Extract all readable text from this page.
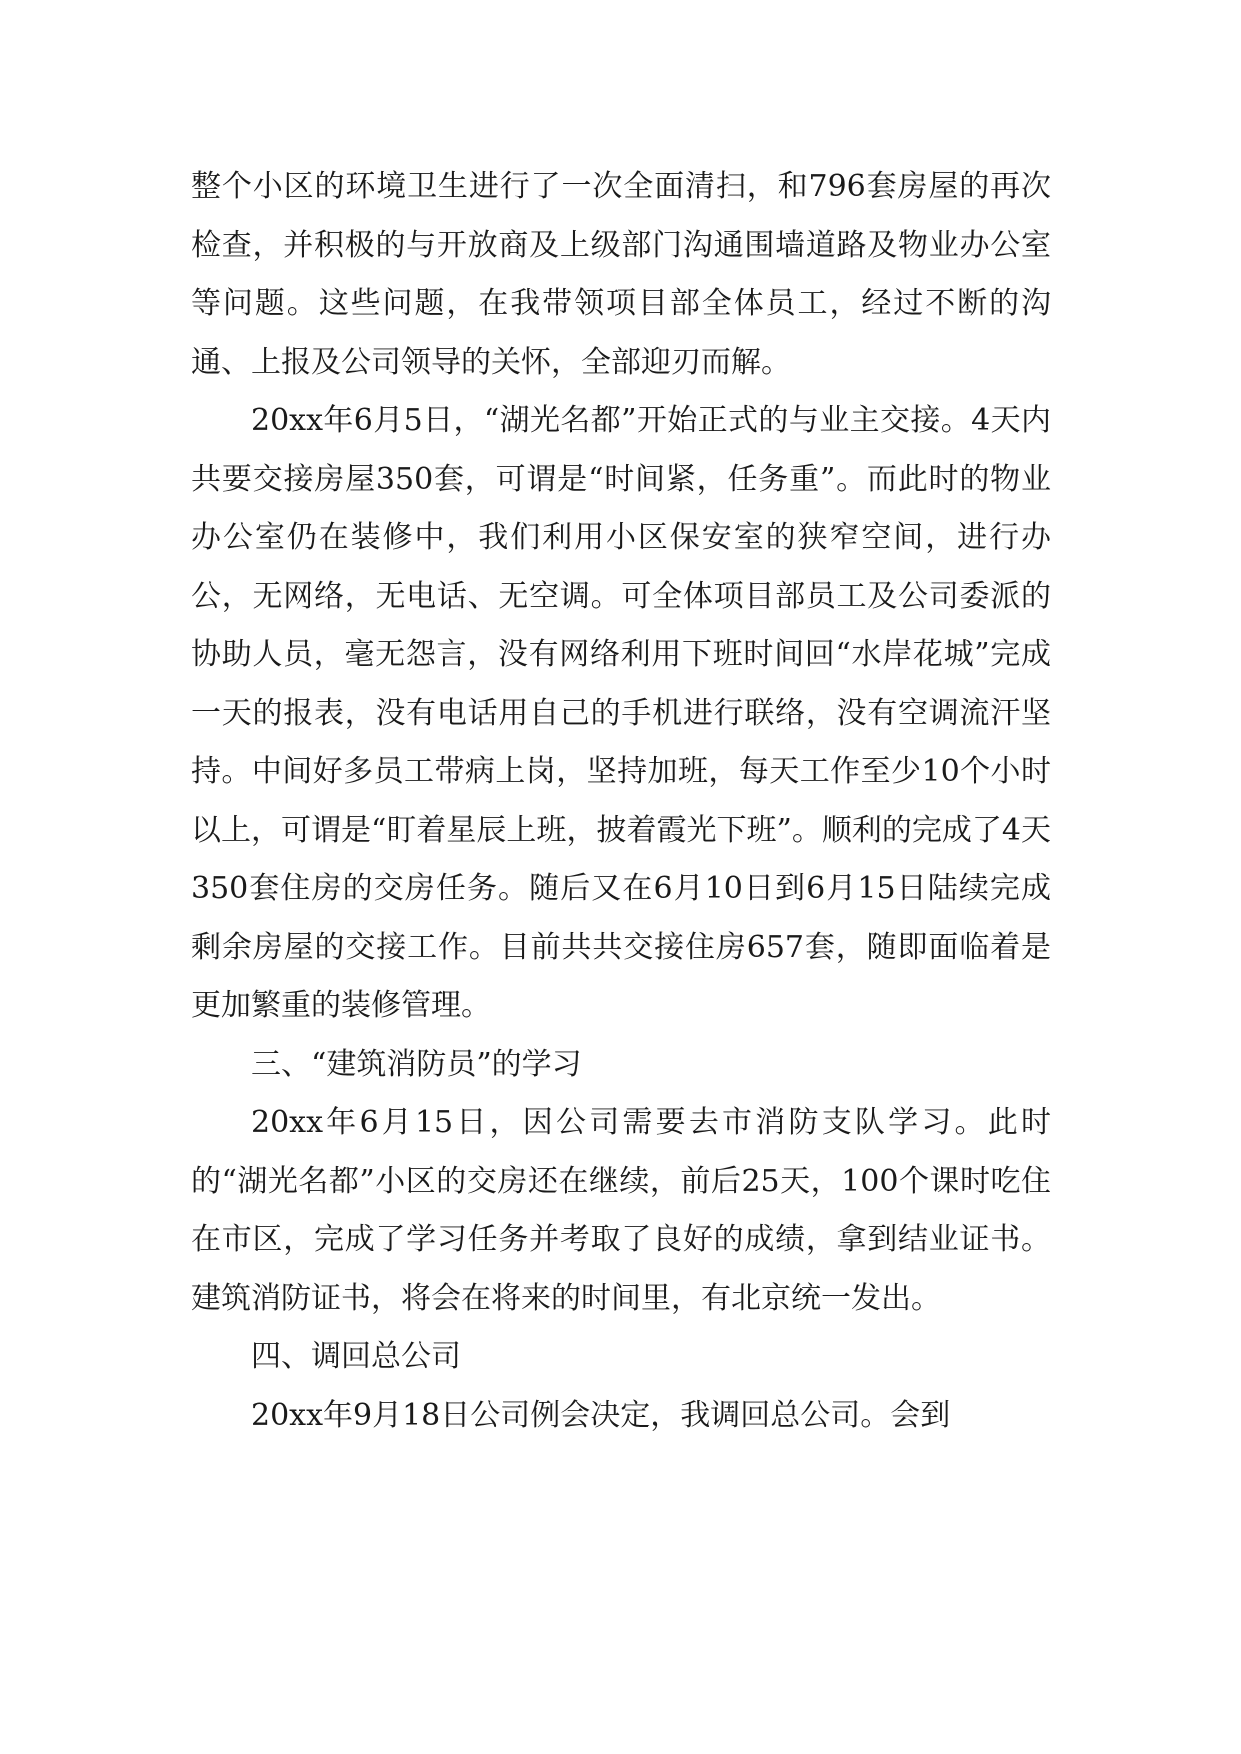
整个小区的环境卫生进行了一次全面清扫，和796套房屋的再次检查，并积极的与开放商及上级部门沟通围墙道路及物业办公室等问题。这些问题，在我带领项目部全体员工，经过不断的沟通、上报及公司领导的关怀，全部迎刃而解。

20xx年6月5日，“湖光名都”开始正式的与业主交接。4天内共要交接房屋350套，可谓是“时间紧，任务重”。而此时的物业办公室仍在装修中，我们利用小区保安室的狭窄空间，进行办公，无网络，无电话、无空调。可全体项目部员工及公司委派的协助人员，毫无怨言，没有网络利用下班时间回“水岸花城”完成一天的报表，没有电话用自己的手机进行联络，没有空调流汗坚持。中间好多员工带病上岗，坚持加班，每天工作至少10个小时以上，可谓是“盯着星辰上班，披着霞光下班”。顺利的完成了4天350套住房的交房任务。随后又在6月10日到6月15日陆续完成剩余房屋的交接工作。目前共共交接住房657套，随即面临着是更加繁重的装修管理。

三、“建筑消防员”的学习

20xx年6月15日，因公司需要去市消防支队学习。此时的“湖光名都”小区的交房还在继续，前后25天，100个课时吃住在市区，完成了学习任务并考取了良好的成绩，拿到结业证书。建筑消防证书，将会在将来的时间里，有北京统一发出。

四、调回总公司

20xx年9月18日公司例会决定，我调回总公司。会到
